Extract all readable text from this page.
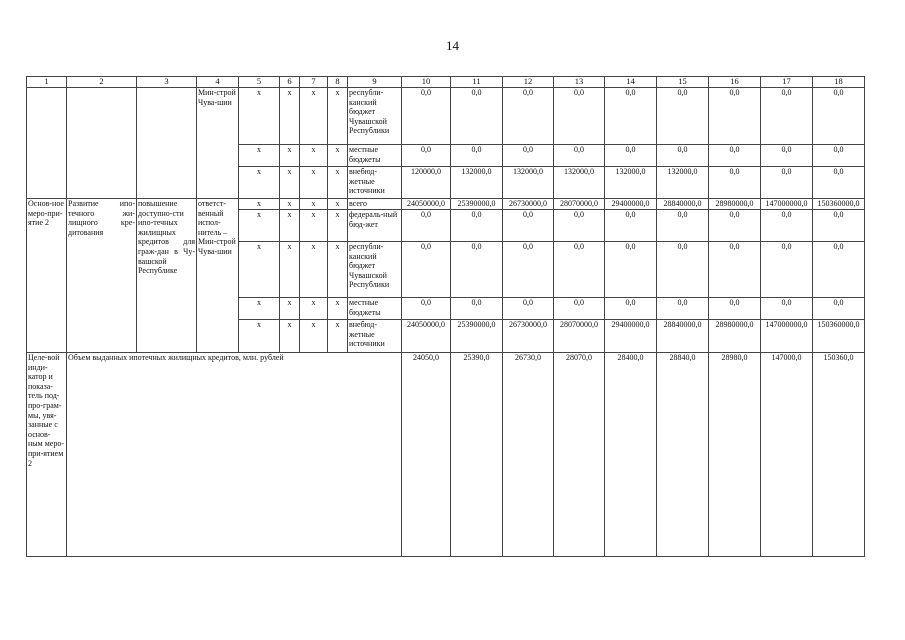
14
1	2	3	4	5	6	7	8	9	10	11	12	13	14	15	16	17	18
			Мин-строй Чува-шии	x	x	x	x	республи-канский бюджет Чувашской Республики	0,0	0,0	0,0	0,0	0,0	0,0	0,0	0,0	0,0
				x	x	x	x	местные бюджеты	0,0	0,0	0,0	0,0	0,0	0,0	0,0	0,0	0,0
				x	x	x	x	внебюд-жетные источники	120000,0	132000,0	132000,0	132000,0	132000,0	132000,0	0,0	0,0	0,0
Основ-ное меро-при-ятие 2	Развитие ипо-течного жи-лищного кре-дитования	повышение доступно-сти ипо-течных жилищных кредитов для граж-дан в Чу-вашской Республике	ответст-венный испол-нитель – Мин-строй Чува-шии	x	x	x	x	всего	24050000,0	25390000,0	26730000,0	28070000,0	29400000,0	28840000,0	28980000,0	147000000,0	150360000,0
				x	x	x	x	федераль-ный бюд-жет	0,0	0,0	0,0	0,0	0,0	0,0	0,0	0,0	0,0
				x	x	x	x	республи-канский бюджет Чувашской Республики	0,0	0,0	0,0	0,0	0,0	0,0	0,0	0,0	0,0
				x	x	x	x	местные бюджеты	0,0	0,0	0,0	0,0	0,0	0,0	0,0	0,0	0,0
				x	x	x	x	внебюд-жетные источники	24050000,0	25390000,0	26730000,0	28070000,0	29400000,0	28840000,0	28980000,0	147000000,0	150360000,0
Целе-вой инди-катор и показа-тель под-про-грам-мы, увя-занные с основ-ным меро-при-ятием 2	Объем выданных ипотечных жилищных кредитов, млн. рублей								24050,0	25390,0	26730,0	28070,0	28400,0	28840,0	28980,0	147000,0	150360,0
